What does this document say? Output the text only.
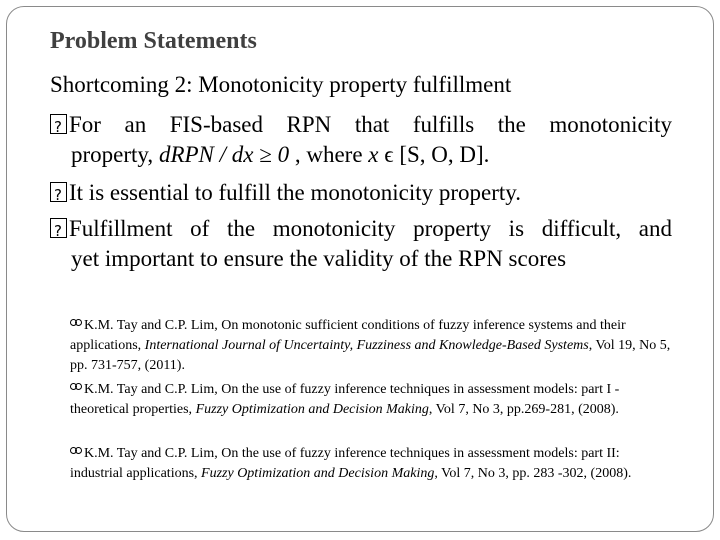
Problem Statements
Shortcoming 2: Monotonicity property fulfillment
?For an FIS-based RPN that fulfills the monotonicity
property, dRPN / dx ≥ 0 , where x ϵ [S, O, D].
?It is essential to fulfill the monotonicity property.
?Fulfillment of the monotonicity property is difficult, and
yet important to ensure the validity of the RPN scores
K.M. Tay and C.P. Lim, On monotonic sufficient conditions of fuzzy inference systems and their applications, International Journal of Uncertainty, Fuzziness and Knowledge-Based Systems, Vol 19, No 5, pp. 731-757, (2011).
K.M. Tay and C.P. Lim, On the use of fuzzy inference techniques in assessment models: part I - theoretical properties, Fuzzy Optimization and Decision Making, Vol 7, No 3, pp.269-281, (2008).
K.M. Tay and C.P. Lim, On the use of fuzzy inference techniques in assessment models: part II: industrial applications, Fuzzy Optimization and Decision Making, Vol 7, No 3, pp. 283 -302, (2008).
